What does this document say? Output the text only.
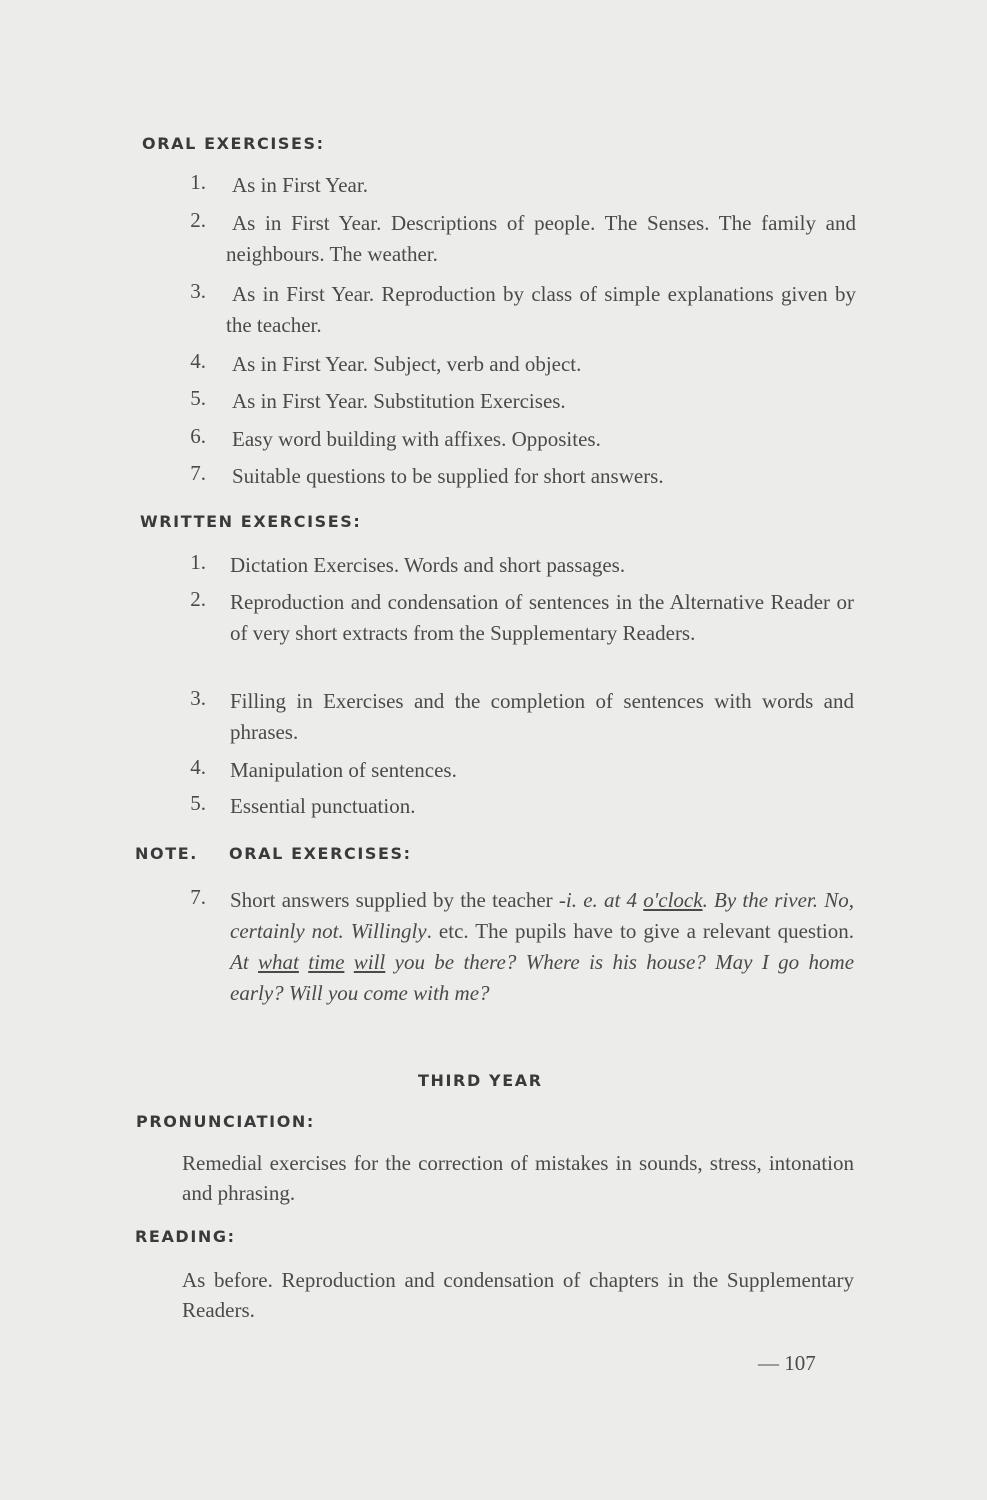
ORAL EXERCISES:
1. As in First Year.

2. As in First Year. Descriptions of people. The Senses. The family and neighbours. The weather.

3. As in First Year. Reproduction by class of simple explanations given by the teacher.

4. As in First Year. Subject, verb and object.

5. As in First Year. Substitution Exercises.

6. Easy word building with affixes. Opposites.

7. Suitable questions to be supplied for short answers.

WRITTEN EXERCISES:
1. Dictation Exercises. Words and short passages.

2. Reproduction and condensation of sentences in the Alternative Reader or of very short extracts from the Supplementary Readers.

3. Filling in Exercises and the completion of sentences with words and phrases.

4. Manipulation of sentences.

5. Essential punctuation.

NOTE. ORAL EXERCISES:
7. Short answers supplied by the teacher -i. e. at 4 o'clock. By the river. No, certainly not. Willingly. etc. The pupils have to give a relevant question. At what time will you be there? Where is his house? May I go home early? Will you come with me?

THIRD YEAR
PRONUNCIATION:

Remedial exercises for the correction of mistakes in sounds, stress, intonation and phrasing.

READING:

As before. Reproduction and condensation of chapters in the Supplementary Readers.

— 107
